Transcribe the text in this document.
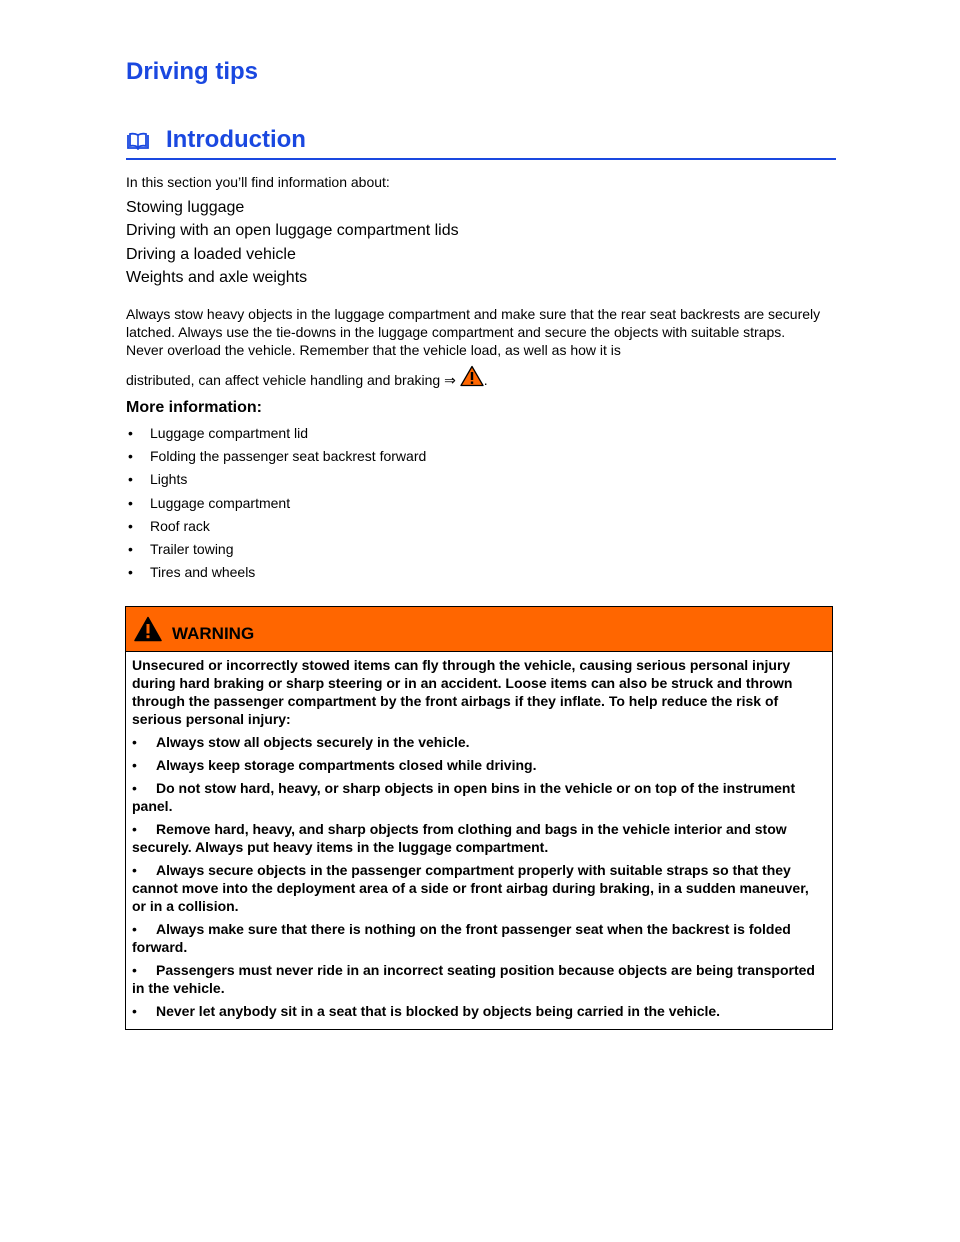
Driving tips
Introduction

In this section you’ll find information about:

Stowing luggage
Driving with an open luggage compartment lids
Driving a loaded vehicle
Weights and axle weights

Always stow heavy objects in the luggage compartment and make sure that the rear seat backrests are securely latched. Always use the tie-downs in the luggage compartment and secure the objects with suitable straps. Never overload the vehicle. Remember that the vehicle load, as well as how it is
distributed, can affect vehicle handling and braking ⇒ .

More information:
• Luggage compartment lid
• Folding the passenger seat backrest forward
• Lights
• Luggage compartment
• Roof rack
• Trailer towing
• Tires and wheels
WARNING

Unsecured or incorrectly stowed items can fly through the vehicle, causing serious personal injury during hard braking or sharp steering or in an accident. Loose items can also be struck and thrown through the passenger compartment by the front airbags if they inflate. To help reduce the risk of serious personal injury:

• Always stow all objects securely in the vehicle.
• Always keep storage compartments closed while driving.
• Do not stow hard, heavy, or sharp objects in open bins in the vehicle or on top of the instrument panel.
• Remove hard, heavy, and sharp objects from clothing and bags in the vehicle interior and stow securely. Always put heavy items in the luggage compartment.
• Always secure objects in the passenger compartment properly with suitable straps so that they cannot move into the deployment area of a side or front airbag during braking, in a sudden maneuver, or in a collision.
• Always make sure that there is nothing on the front passenger seat when the backrest is folded forward.
• Passengers must never ride in an incorrect seating position because objects are being transported in the vehicle.
• Never let anybody sit in a seat that is blocked by objects being carried in the vehicle.
